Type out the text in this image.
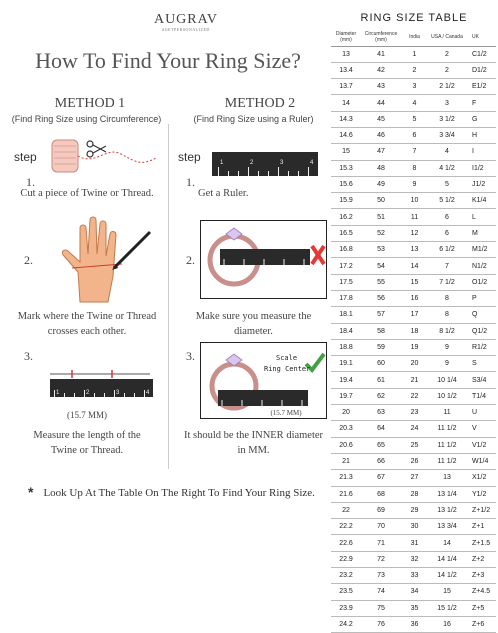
AUGRAV
#GETPERSONALIZED
How To Find Your Ring Size?
METHOD 1
(Find Ring Size using Circumference)
METHOD 2
(Find Ring Size using a Ruler)
step
1.
Cut a piece of Twine or Thread.
2.
Mark where the Twine or Thread
crosses each other.
3.
1	2	3	4
(15.7 MM)
Measure the length of the
Twine or Thread.
step	1	2	3	4
1.
Get a Ruler.
2.
Make sure you measure the diameter.
3.	Scale
Ring Center
(15.7 MM)
It should be the INNER diameter
in MM.
* Look Up At The Table On The Right To Find Your Ring Size.
RING SIZE TABLE
Diameter (mm)	Circumference (mm)	India	USA / Canada	UK
13	41	1	2	C1/2
13.4	42	2	2	D1/2
13.7	43	3	2 1/2	E1/2
14	44	4	3	F
14.3	45	5	3 1/2	G
14.6	46	6	3 3/4	H
15	47	7	4	I
15.3	48	8	4 1/2	I1/2
15.6	49	9	5	J1/2
15.9	50	10	5 1/2	K1/4
16.2	51	11	6	L
16.5	52	12	6	M
16.8	53	13	6 1/2	M1/2
17.2	54	14	7	N1/2
17.5	55	15	7 1/2	O1/2
17.8	56	16	8	P
18.1	57	17	8	Q
18.4	58	18	8 1/2	Q1/2
18.8	59	19	9	R1/2
19.1	60	20	9	S
19.4	61	21	10 1/4	S3/4
19.7	62	22	10 1/2	T1/4
20	63	23	11	U
20.3	64	24	11 1/2	V
20.6	65	25	11 1/2	V1/2
21	66	26	11 1/2	W1/4
21.3	67	27	13	X1/2
21.6	68	28	13 1/4	Y1/2
22	69	29	13 1/2	Z+1/2
22.2	70	30	13 3/4	Z+1
22.6	71	31	14	Z+1.5
22.9	72	32	14 1/4	Z+2
23.2	73	33	14 1/2	Z+3
23.5	74	34	15	Z+4.5
23.9	75	35	15 1/2	Z+5
24.2	76	36	16	Z+6
